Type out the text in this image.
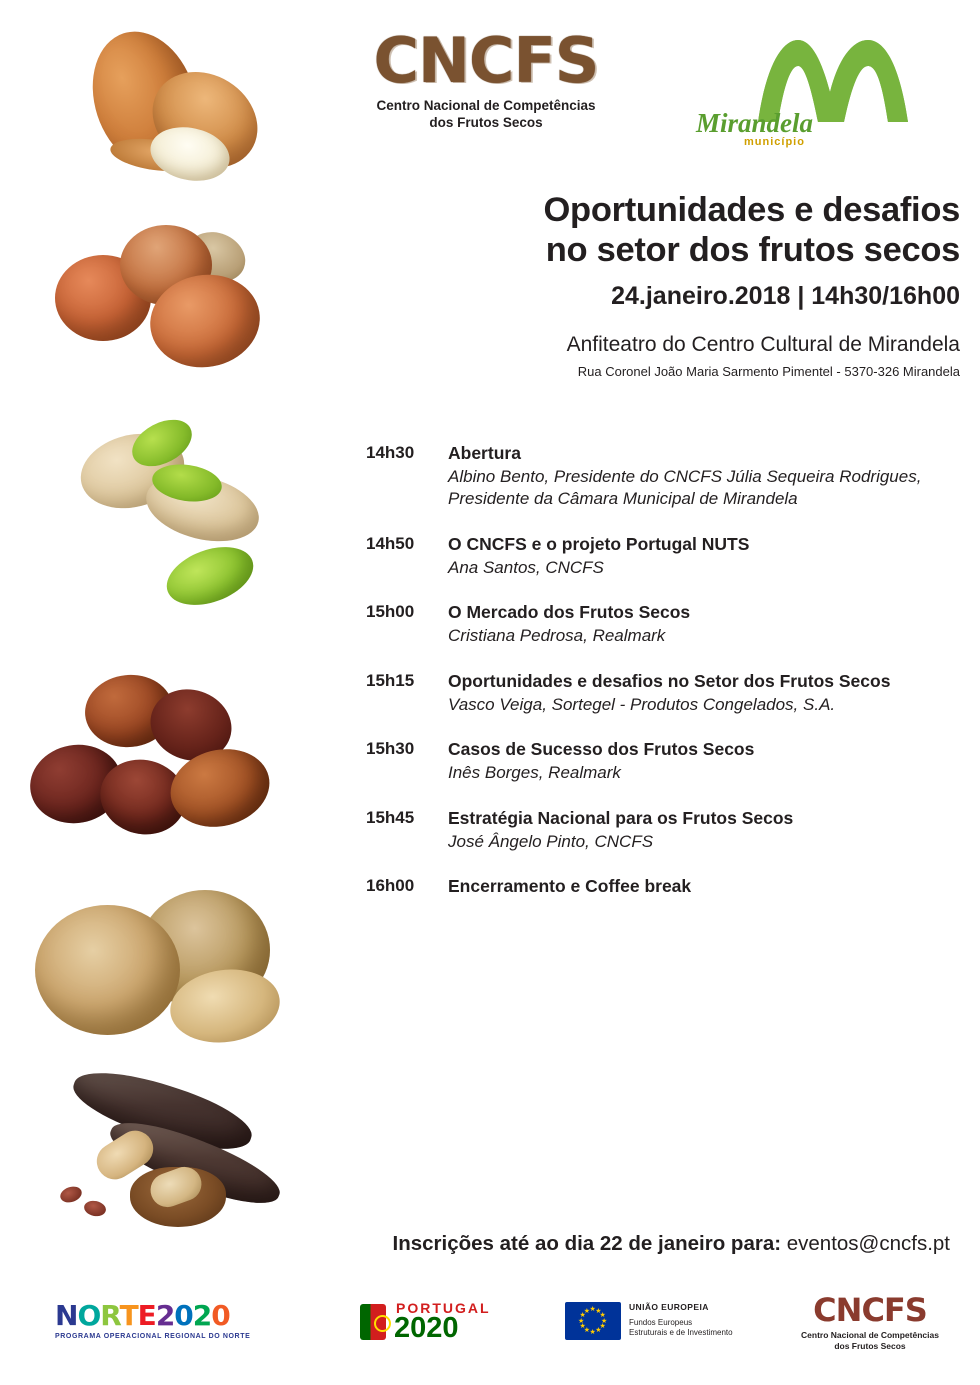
CNCFS
Centro Nacional de Competências
dos Frutos Secos	Mirandela
município
Oportunidades e desafios
no setor dos frutos secos
24.janeiro.2018 | 14h30/16h00
Anfiteatro do Centro Cultural de Mirandela
Rua Coronel João Maria Sarmento Pimentel - 5370-326 Mirandela
14h30	Abertura
Albino Bento, Presidente do CNCFS Júlia Sequeira Rodrigues, Presidente da Câmara Municipal de Mirandela
14h50	O CNCFS e o projeto Portugal NUTS
Ana Santos, CNCFS
15h00	O Mercado dos Frutos Secos
Cristiana Pedrosa, Realmark
15h15	Oportunidades e desafios no Setor dos Frutos Secos
Vasco Veiga, Sortegel - Produtos Congelados, S.A.
15h30	Casos de Sucesso dos Frutos Secos
Inês Borges, Realmark
15h45	Estratégia Nacional para os Frutos Secos
José Ângelo Pinto, CNCFS
16h00	Encerramento e Coffee break
Inscrições até ao dia 22 de janeiro para: eventos@cncfs.pt
NORTE2020
PROGRAMA OPERACIONAL REGIONAL DO NORTE
PORTUGAL
2020
★ ★
★
★
★
★
★
★
★
★
★
★	UNIÃO EUROPEIA
Fundos Europeus
Estruturais e de Investimento
CNCFS
Centro Nacional de Competências
dos Frutos Secos
